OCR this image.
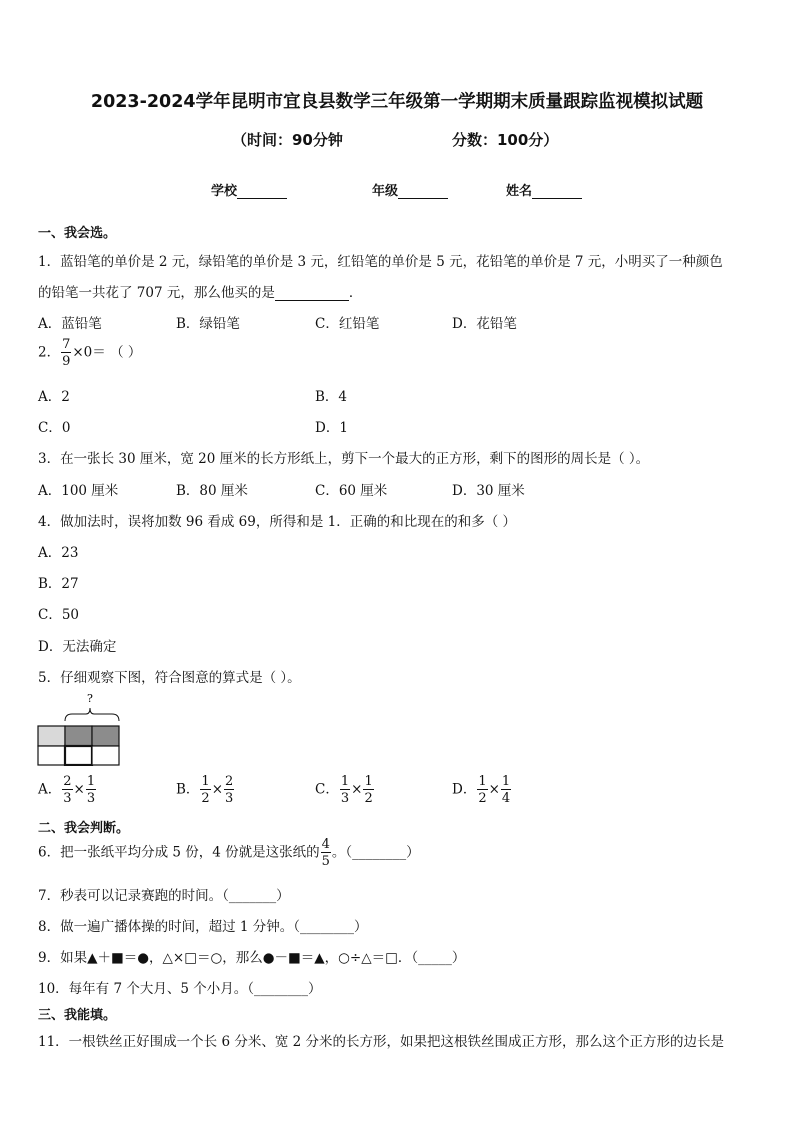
2023-2024学年昆明市宜良县数学三年级第一学期期末质量跟踪监视模拟试题
（时间：90分钟	分数：100分）
学校	年级	姓名
一、我会选。
1．蓝铅笔的单价是 2 元，绿铅笔的单价是 3 元，红铅笔的单价是 5 元，花铅笔的单价是 7 元，小明买了一种颜色
的铅笔一共花了 707 元，那么他买的是	．
A．蓝铅笔	B．绿铅笔	C．红铅笔	D．花铅笔
2． $\frac{7}{9} \times 0=$ （ ）
A．2	B．4
C．0	D．1
3．在一张长 30 厘米，宽 20 厘米的长方形纸上，剪下一个最大的正方形，剩下的图形的周长是（ ）。
A．100 厘米	B．80 厘米	C．60 厘米	D．30 厘米
4．做加法时，误将加数 96 看成 69，所得和是 1．正确的和比现在的和多（ ）
A．23
B．27
C．50
D．无法确定
5．仔细观察下图，符合图意的算式是（ ）。
?
A． $\frac{2}{3} \times \frac{1}{3}$	B． $\frac{1}{2} \times \frac{2}{3}$	C． $\frac{1}{3} \times \frac{1}{2}$	D． $\frac{1}{2} \times \frac{1}{4}$
二、我会判断。
6．把一张纸平均分成 5 份，4 份就是这张纸的 $\frac{4}{5}$ 。（________）
7．秒表可以记录赛跑的时间。（_______）
8．做一遍广播体操的时间，超过 1 分钟。（________）
9．如果▲＋■＝●，△×□＝○，那么●－■＝▲，○÷△＝□．（_____）
10．每年有 7 个大月、5 个小月。（________）
三、我能填。
11．一根铁丝正好围成一个长 6 分米、宽 2 分米的长方形，如果把这根铁丝围成正方形，那么这个正方形的边长是
